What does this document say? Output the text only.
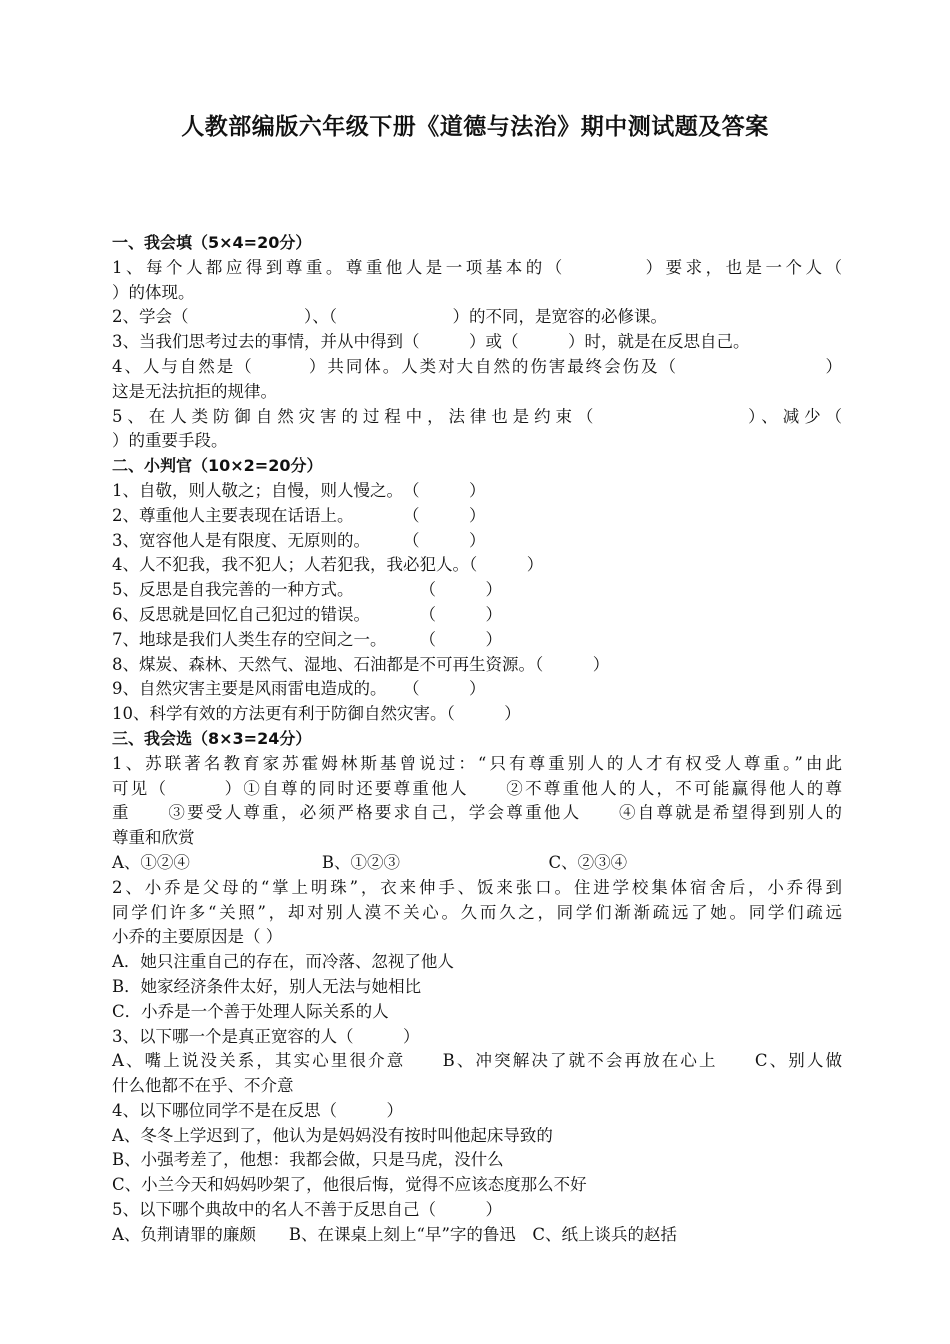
人教部编版六年级下册《道德与法治》期中测试题及答案
一、我会填（5×4=20分）
1、每个人都应得到尊重。尊重他人是一项基本的（　　　　）要求，也是一个人（
）的体现。
2、学会（　　　　　　　）、（　　　　　　　）的不同，是宽容的必修课。
3、当我们思考过去的事情，并从中得到（　　　）或（　　　）时，就是在反思自己。
4、人与自然是（　　　）共同体。人类对大自然的伤害最终会伤及（　　　　　　　　）
这是无法抗拒的规律。
5、在人类防御自然灾害的过程中，法律也是约束（　　　　　　　）、减少（
）的重要手段。
二、小判官（10×2=20分）
1、自敬，则人敬之；自慢，则人慢之。　（　　　）
2、尊重他人主要表现在话语上。　　　　（　　　）
3、宽容他人是有限度、无原则的。　　　（　　　）
4、人不犯我，我不犯人；人若犯我，我必犯人。（　　　）
5、反思是自我完善的一种方式。　　　　　（　　　）
6、反思就是回忆自己犯过的错误。　　　　（　　　）
7、地球是我们人类生存的空间之一。　　　（　　　）
8、煤炭、森林、天然气、湿地、石油都是不可再生资源。（　　　）
9、自然灾害主要是风雨雷电造成的。　　（　　　）
10、科学有效的方法更有利于防御自然灾害。（　　　）
三、我会选（8×3=24分）
1、苏联著名教育家苏霍姆林斯基曾说过：“只有尊重别人的人才有权受人尊重。”由此
可见（　　　）①自尊的同时还要尊重他人　　②不尊重他人的人，不可能赢得他人的尊
重　　③要受人尊重，必须严格要求自己，学会尊重他人　　④自尊就是希望得到别人的
尊重和欣赏
A、①②④　　　　　　　　B、①②③　　　　　　　　　C、②③④
2、小乔是父母的“掌上明珠”，衣来伸手、饭来张口。住进学校集体宿舍后，小乔得到
同学们许多“关照”，却对别人漠不关心。久而久之，同学们渐渐疏远了她。同学们疏远
小乔的主要原因是（ ）
A．她只注重自己的存在，而冷落、忽视了他人
B．她家经济条件太好，别人无法与她相比
C．小乔是一个善于处理人际关系的人
3、以下哪一个是真正宽容的人（　　　）
A、嘴上说没关系，其实心里很介意　　B、冲突解决了就不会再放在心上　　C、别人做
什么他都不在乎、不介意
4、以下哪位同学不是在反思（　　　）
A、冬冬上学迟到了，他认为是妈妈没有按时叫他起床导致的
B、小强考差了，他想：我都会做，只是马虎，没什么
C、小兰今天和妈妈吵架了，他很后悔，觉得不应该态度那么不好
5、以下哪个典故中的名人不善于反思自己（　　　）
A、负荆请罪的廉颇　　B、在课桌上刻上“早”字的鲁迅　C、纸上谈兵的赵括
